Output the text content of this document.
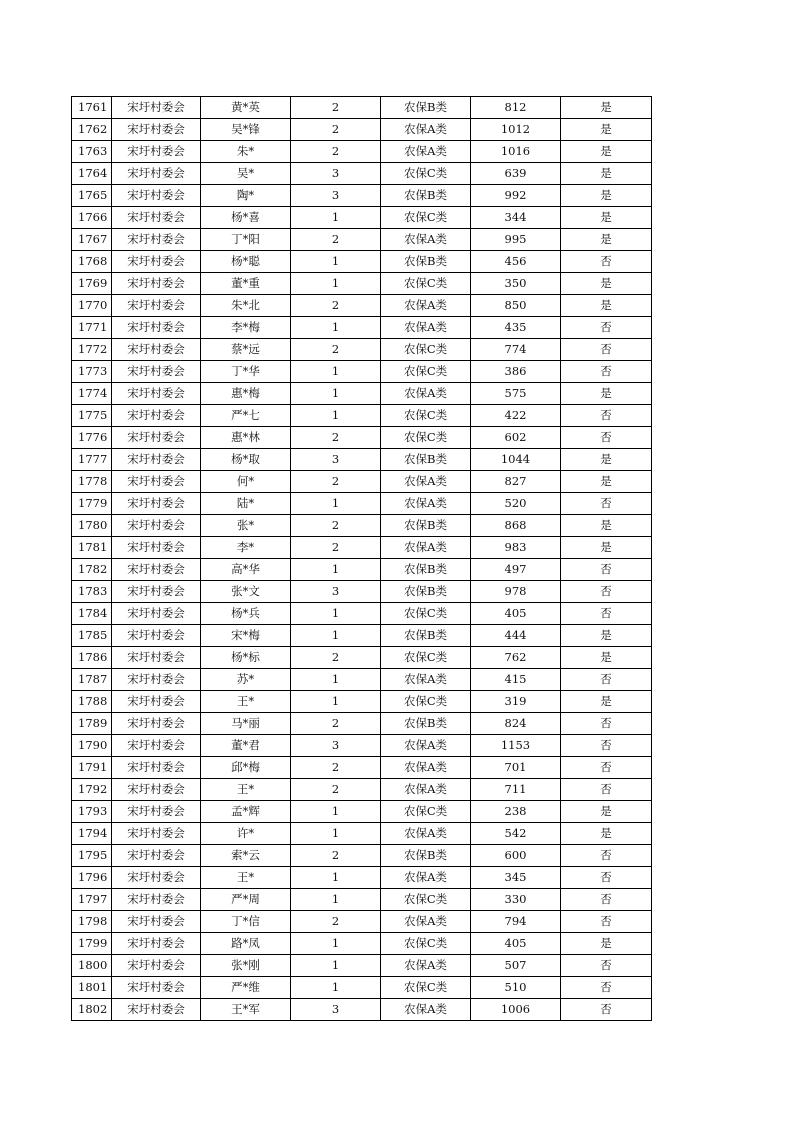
1761	宋圩村委会	黄*英	2	农保B类	812	是
1762	宋圩村委会	吴*锋	2	农保A类	1012	是
1763	宋圩村委会	朱*	2	农保A类	1016	是
1764	宋圩村委会	吴*	3	农保C类	639	是
1765	宋圩村委会	陶*	3	农保B类	992	是
1766	宋圩村委会	杨*喜	1	农保C类	344	是
1767	宋圩村委会	丁*阳	2	农保A类	995	是
1768	宋圩村委会	杨*聪	1	农保B类	456	否
1769	宋圩村委会	董*重	1	农保C类	350	是
1770	宋圩村委会	朱*北	2	农保A类	850	是
1771	宋圩村委会	李*梅	1	农保A类	435	否
1772	宋圩村委会	蔡*远	2	农保C类	774	否
1773	宋圩村委会	丁*华	1	农保C类	386	否
1774	宋圩村委会	惠*梅	1	农保A类	575	是
1775	宋圩村委会	严*七	1	农保C类	422	否
1776	宋圩村委会	惠*林	2	农保C类	602	否
1777	宋圩村委会	杨*取	3	农保B类	1044	是
1778	宋圩村委会	何*	2	农保A类	827	是
1779	宋圩村委会	陆*	1	农保A类	520	否
1780	宋圩村委会	张*	2	农保B类	868	是
1781	宋圩村委会	李*	2	农保A类	983	是
1782	宋圩村委会	高*华	1	农保B类	497	否
1783	宋圩村委会	张*文	3	农保B类	978	否
1784	宋圩村委会	杨*兵	1	农保C类	405	否
1785	宋圩村委会	宋*梅	1	农保B类	444	是
1786	宋圩村委会	杨*标	2	农保C类	762	是
1787	宋圩村委会	苏*	1	农保A类	415	否
1788	宋圩村委会	王*	1	农保C类	319	是
1789	宋圩村委会	马*丽	2	农保B类	824	否
1790	宋圩村委会	董*君	3	农保A类	1153	否
1791	宋圩村委会	邱*梅	2	农保A类	701	否
1792	宋圩村委会	王*	2	农保A类	711	否
1793	宋圩村委会	孟*辉	1	农保C类	238	是
1794	宋圩村委会	许*	1	农保A类	542	是
1795	宋圩村委会	索*云	2	农保B类	600	否
1796	宋圩村委会	王*	1	农保A类	345	否
1797	宋圩村委会	严*周	1	农保C类	330	否
1798	宋圩村委会	丁*信	2	农保A类	794	否
1799	宋圩村委会	路*凤	1	农保C类	405	是
1800	宋圩村委会	张*刚	1	农保A类	507	否
1801	宋圩村委会	严*维	1	农保C类	510	否
1802	宋圩村委会	王*军	3	农保A类	1006	否
